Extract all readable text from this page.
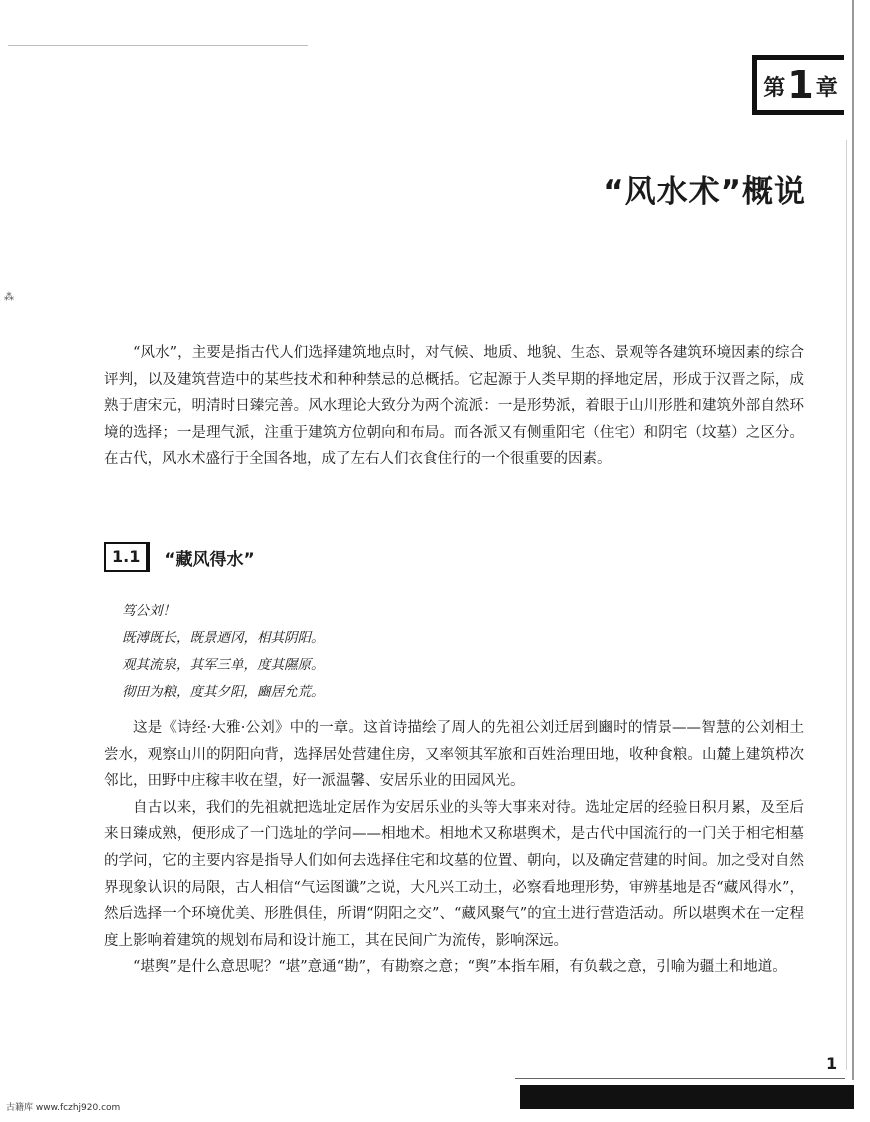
第 1 章
“风水术”概说
⁂

“风水”，主要是指古代人们选择建筑地点时，对气候、地质、地貌、生态、景观等各建筑环境因素的综合评判，以及建筑营造中的某些技术和种种禁忌的总概括。它起源于人类早期的择地定居，形成于汉晋之际，成熟于唐宋元，明清时日臻完善。风水理论大致分为两个流派：一是形势派，着眼于山川形胜和建筑外部自然环境的选择；一是理气派，注重于建筑方位朝向和布局。而各派又有侧重阳宅（住宅）和阴宅（坟墓）之区分。在古代，风水术盛行于全国各地，成了左右人们衣食住行的一个很重要的因素。

1.1	“藏风得水”
笃公刘！
既溥既长，既景迺冈，相其阴阳。
观其流泉，其军三单，度其隰原。
彻田为粮，度其夕阳，豳居允荒。

这是《诗经·大雅·公刘》中的一章。这首诗描绘了周人的先祖公刘迁居到豳时的情景——智慧的公刘相土尝水，观察山川的阴阳向背，选择居处营建住房，又率领其军旅和百姓治理田地，收种食粮。山麓上建筑栉次邻比，田野中庄稼丰收在望，好一派温馨、安居乐业的田园风光。

自古以来，我们的先祖就把选址定居作为安居乐业的头等大事来对待。选址定居的经验日积月累，及至后来日臻成熟，便形成了一门选址的学问——相地术。相地术又称堪舆术，是古代中国流行的一门关于相宅相墓的学问，它的主要内容是指导人们如何去选择住宅和坟墓的位置、朝向，以及确定营建的时间。加之受对自然界现象认识的局限，古人相信“气运图谶”之说，大凡兴工动土，必察看地理形势，审辨基地是否“藏风得水”，然后选择一个环境优美、形胜俱佳，所谓“阴阳之交”、“藏风聚气”的宜土进行营造活动。所以堪舆术在一定程度上影响着建筑的规划布局和设计施工，其在民间广为流传，影响深远。

“堪舆”是什么意思呢？“堪”意通“勘”，有勘察之意；“舆”本指车厢，有负载之意，引喻为疆土和地道。

1
古籍库 www.fczhj920.com
